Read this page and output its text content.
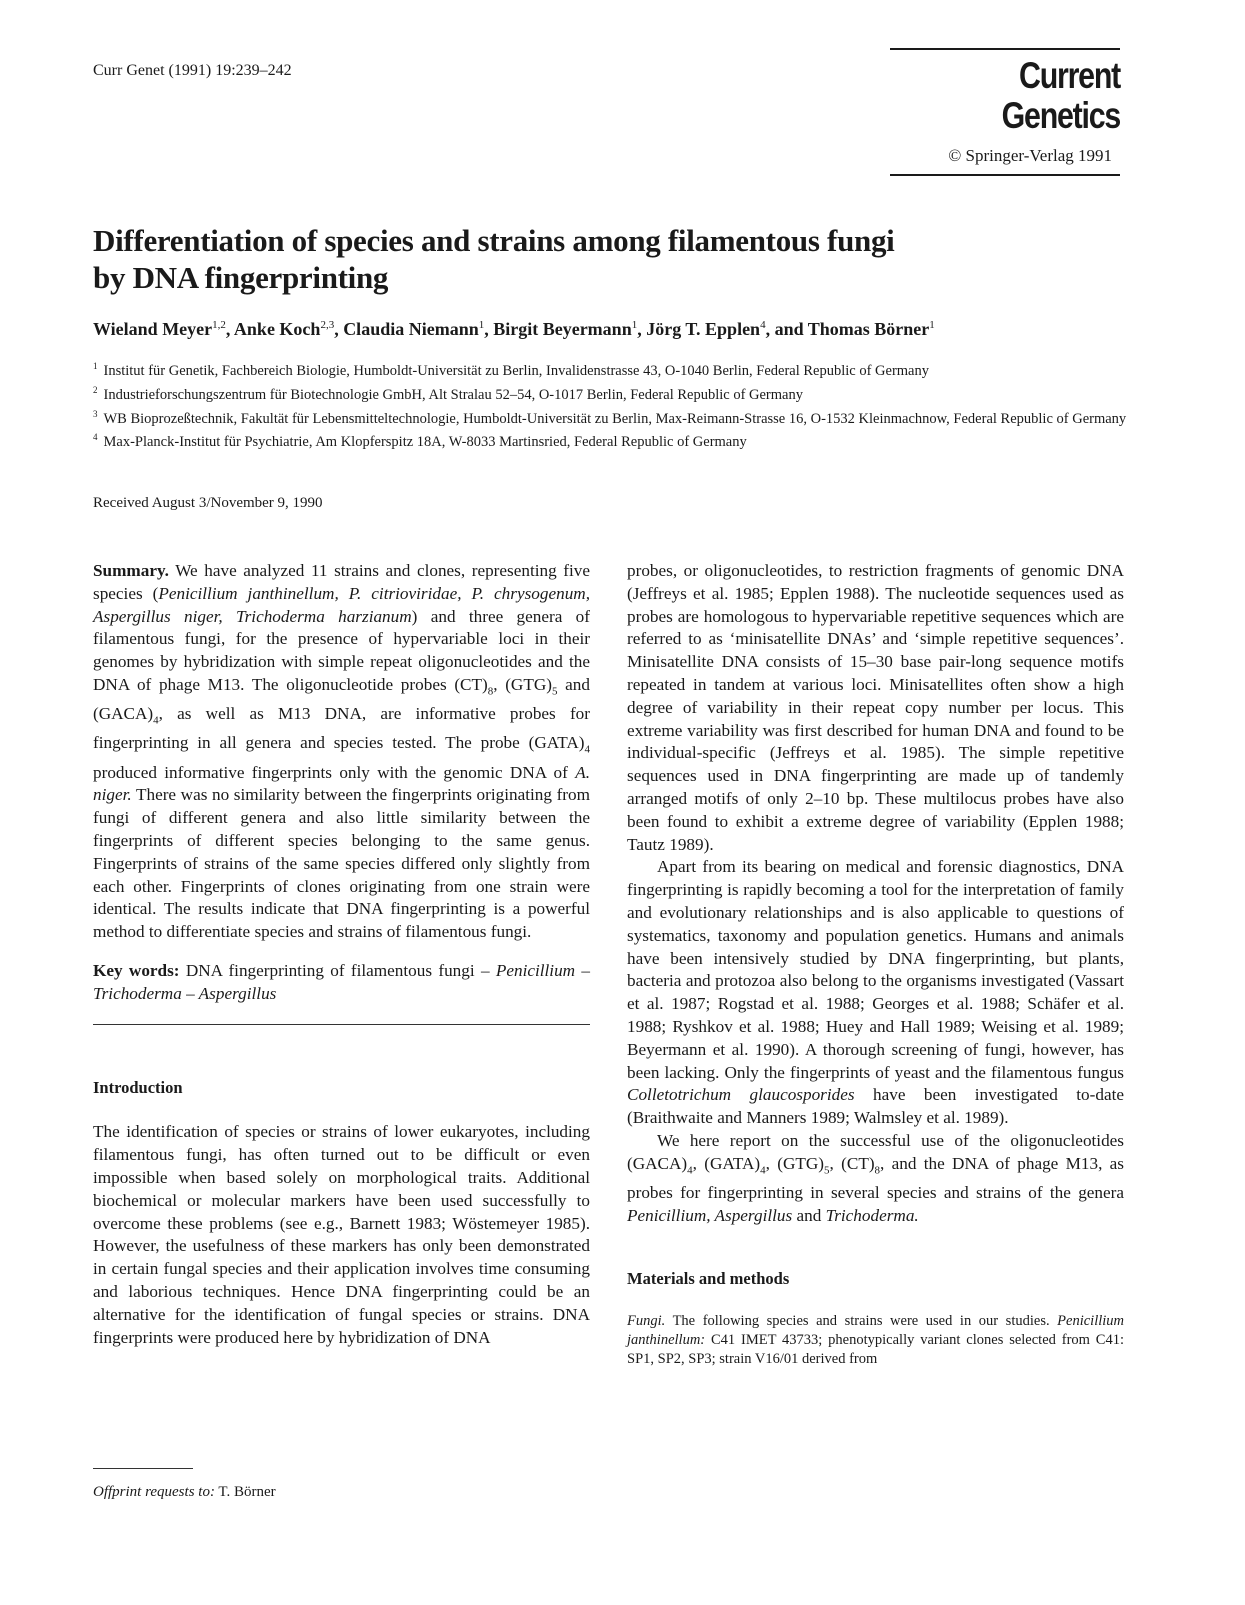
Curr Genet (1991) 19:239–242	Current Genetics
© Springer-Verlag 1991
Differentiation of species and strains among filamentous fungi
by DNA fingerprinting
Wieland Meyer$^{1,2}$, Anke Koch$^{2,3}$, Claudia Niemann$^1$, Birgit Beyermann$^1$, Jörg T. Epplen$^4$, and Thomas Börner$^1$

$^1$ Institut für Genetik, Fachbereich Biologie, Humboldt-Universität zu Berlin, Invalidenstrasse 43, O-1040 Berlin, Federal Republic of Germany

$^2$ Industrieforschungszentrum für Biotechnologie GmbH, Alt Stralau 52–54, O-1017 Berlin, Federal Republic of Germany

$^3$ WB Bioprozeßtechnik, Fakultät für Lebensmitteltechnologie, Humboldt-Universität zu Berlin, Max-Reimann-Strasse 16, O-1532 Kleinmachnow, Federal Republic of Germany

$^4$ Max-Planck-Institut für Psychiatrie, Am Klopferspitz 18A, W-8033 Martinsried, Federal Republic of Germany

Received August 3/November 9, 1990

Summary. We have analyzed 11 strains and clones, representing five species (Penicillium janthinellum, P. citrioviridae, P. chrysogenum, Aspergillus niger, Trichoderma harzianum) and three genera of filamentous fungi, for the presence of hypervariable loci in their genomes by hybridization with simple repeat oligonucleotides and the DNA of phage M13. The oligonucleotide probes $(CT)_8$, $(GTG)_5$ and $(GACA)_4$, as well as M13 DNA, are informative probes for fingerprinting in all genera and species tested. The probe $(GATA)_4$ produced informative fingerprints only with the genomic DNA of A. niger. There was no similarity between the fingerprints originating from fungi of different genera and also little similarity between the fingerprints of different species belonging to the same genus. Fingerprints of strains of the same species differed only slightly from each other. Fingerprints of clones originating from one strain were identical. The results indicate that DNA fingerprinting is a powerful method to differentiate species and strains of filamentous fungi.

Key words: DNA fingerprinting of filamentous fungi – Penicillium – Trichoderma – Aspergillus

Introduction

The identification of species or strains of lower eukaryotes, including filamentous fungi, has often turned out to be difficult or even impossible when based solely on morphological traits. Additional biochemical or molecular markers have been used successfully to overcome these problems (see e.g., Barnett 1983; Wöstemeyer 1985). However, the usefulness of these markers has only been demonstrated in certain fungal species and their application involves time consuming and laborious techniques. Hence DNA fingerprinting could be an alternative for the identification of fungal species or strains. DNA fingerprints were produced here by hybridization of DNA

probes, or oligonucleotides, to restriction fragments of genomic DNA (Jeffreys et al. 1985; Epplen 1988). The nucleotide sequences used as probes are homologous to hypervariable repetitive sequences which are referred to as ‘minisatellite DNAs’ and ‘simple repetitive sequences’. Minisatellite DNA consists of 15–30 base pair-long sequence motifs repeated in tandem at various loci. Minisatellites often show a high degree of variability in their repeat copy number per locus. This extreme variability was first described for human DNA and found to be individual-specific (Jeffreys et al. 1985). The simple repetitive sequences used in DNA fingerprinting are made up of tandemly arranged motifs of only 2–10 bp. These multilocus probes have also been found to exhibit a extreme degree of variability (Epplen 1988; Tautz 1989).

Apart from its bearing on medical and forensic diagnostics, DNA fingerprinting is rapidly becoming a tool for the interpretation of family and evolutionary relationships and is also applicable to questions of systematics, taxonomy and population genetics. Humans and animals have been intensively studied by DNA fingerprinting, but plants, bacteria and protozoa also belong to the organisms investigated (Vassart et al. 1987; Rogstad et al. 1988; Georges et al. 1988; Schäfer et al. 1988; Ryshkov et al. 1988; Huey and Hall 1989; Weising et al. 1989; Beyermann et al. 1990). A thorough screening of fungi, however, has been lacking. Only the fingerprints of yeast and the filamentous fungus Colletotrichum glaucosporides have been investigated to-date (Braithwaite and Manners 1989; Walmsley et al. 1989).

We here report on the successful use of the oligonucleotides $(GACA)_4$, $(GATA)_4$, $(GTG)_5$, $(CT)_8$, and the DNA of phage M13, as probes for fingerprinting in several species and strains of the genera Penicillium, Aspergillus and Trichoderma.

Materials and methods

Fungi. The following species and strains were used in our studies. Penicillium janthinellum: C41 IMET 43733; phenotypically variant clones selected from C41: SP1, SP2, SP3; strain V16/01 derived from

Offprint requests to: T. Börner
